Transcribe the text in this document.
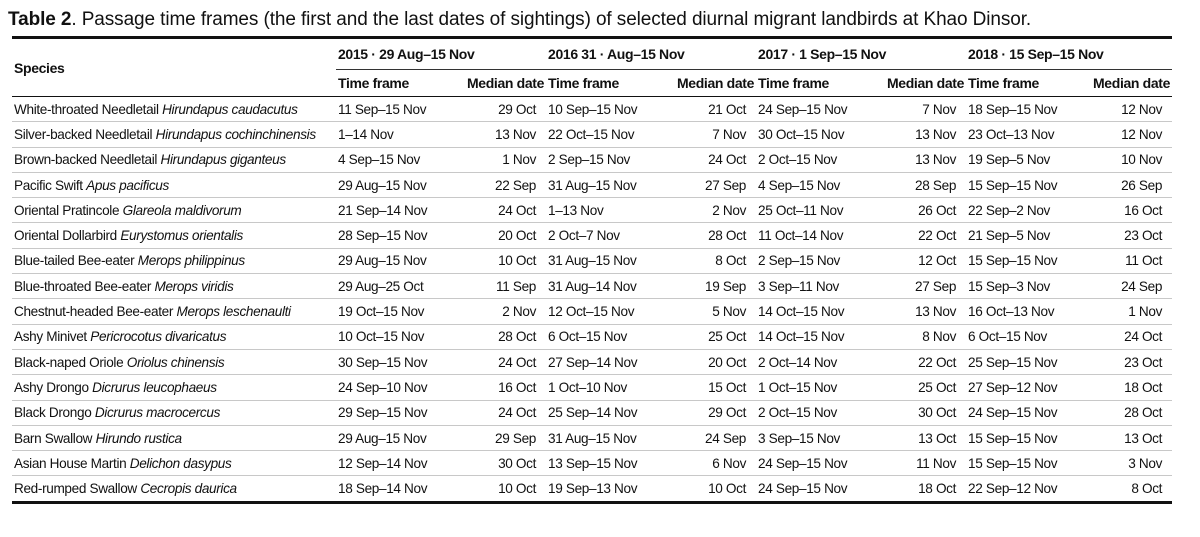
Table 2. Passage time frames (the first and the last dates of sightings) of selected diurnal migrant landbirds at Khao Dinsor.
Species	2015 · 29 Aug–15 Nov		2016 31 · Aug–15 Nov		2017 · 1 Sep–15 Nov		2018 · 15 Sep–15 Nov	
	Time frame	Median date	Time frame	Median date	Time frame	Median date	Time frame	Median date
White-throated Needletail Hirundapus caudacutus	11 Sep–15 Nov	29 Oct	10 Sep–15 Nov	21 Oct	24 Sep–15 Nov	7 Nov	18 Sep–15 Nov	12 Nov
Silver-backed Needletail Hirundapus cochinchinensis	1–14 Nov	13 Nov	22 Oct–15 Nov	7 Nov	30 Oct–15 Nov	13 Nov	23 Oct–13 Nov	12 Nov
Brown-backed Needletail Hirundapus giganteus	4 Sep–15 Nov	1 Nov	2 Sep–15 Nov	24 Oct	2 Oct–15 Nov	13 Nov	19 Sep–5 Nov	10 Nov
Pacific Swift Apus pacificus	29 Aug–15 Nov	22 Sep	31 Aug–15 Nov	27 Sep	4 Sep–15 Nov	28 Sep	15 Sep–15 Nov	26 Sep
Oriental Pratincole Glareola maldivorum	21 Sep–14 Nov	24 Oct	1–13 Nov	2 Nov	25 Oct–11 Nov	26 Oct	22 Sep–2 Nov	16 Oct
Oriental Dollarbird Eurystomus orientalis	28 Sep–15 Nov	20 Oct	2 Oct–7 Nov	28 Oct	11 Oct–14 Nov	22 Oct	21 Sep–5 Nov	23 Oct
Blue-tailed Bee-eater Merops philippinus	29 Aug–15 Nov	10 Oct	31 Aug–15 Nov	8 Oct	2 Sep–15 Nov	12 Oct	15 Sep–15 Nov	11 Oct
Blue-throated Bee-eater Merops viridis	29 Aug–25 Oct	11 Sep	31 Aug–14 Nov	19 Sep	3 Sep–11 Nov	27 Sep	15 Sep–3 Nov	24 Sep
Chestnut-headed Bee-eater Merops leschenaulti	19 Oct–15 Nov	2 Nov	12 Oct–15 Nov	5 Nov	14 Oct–15 Nov	13 Nov	16 Oct–13 Nov	1 Nov
Ashy Minivet Pericrocotus divaricatus	10 Oct–15 Nov	28 Oct	6 Oct–15 Nov	25 Oct	14 Oct–15 Nov	8 Nov	6 Oct–15 Nov	24 Oct
Black-naped Oriole Oriolus chinensis	30 Sep–15 Nov	24 Oct	27 Sep–14 Nov	20 Oct	2 Oct–14 Nov	22 Oct	25 Sep–15 Nov	23 Oct
Ashy Drongo Dicrurus leucophaeus	24 Sep–10 Nov	16 Oct	1 Oct–10 Nov	15 Oct	1 Oct–15 Nov	25 Oct	27 Sep–12 Nov	18 Oct
Black Drongo Dicrurus macrocercus	29 Sep–15 Nov	24 Oct	25 Sep–14 Nov	29 Oct	2 Oct–15 Nov	30 Oct	24 Sep–15 Nov	28 Oct
Barn Swallow Hirundo rustica	29 Aug–15 Nov	29 Sep	31 Aug–15 Nov	24 Sep	3 Sep–15 Nov	13 Oct	15 Sep–15 Nov	13 Oct
Asian House Martin Delichon dasypus	12 Sep–14 Nov	30 Oct	13 Sep–15 Nov	6 Nov	24 Sep–15 Nov	11 Nov	15 Sep–15 Nov	3 Nov
Red-rumped Swallow Cecropis daurica	18 Sep–14 Nov	10 Oct	19 Sep–13 Nov	10 Oct	24 Sep–15 Nov	18 Oct	22 Sep–12 Nov	8 Oct
